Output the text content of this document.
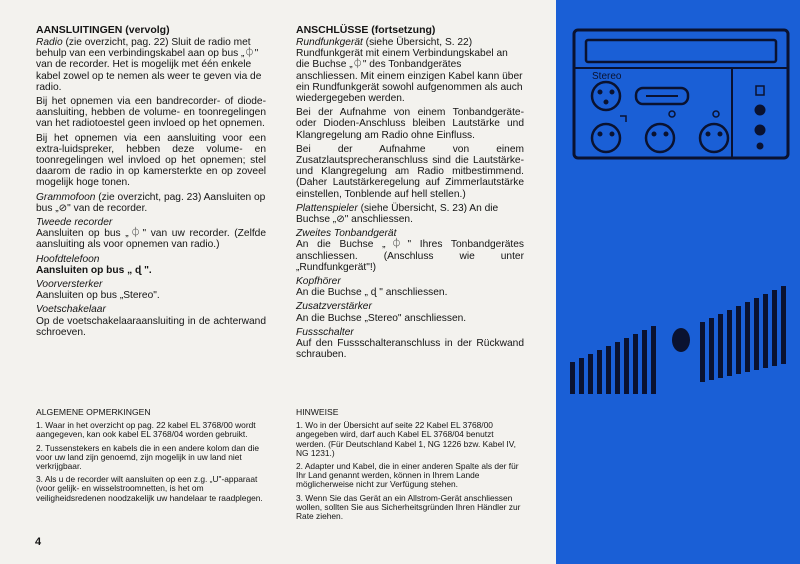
AANSLUITINGEN (vervolg)
Radio (zie overzicht, pag. 22) Sluit de radio met behulp van een verbindingskabel aan op bus „⏀" van de recorder. Het is mogelijk met één enkele kabel zowel op te nemen als weer te geven via de radio.
Bij het opnemen via een bandrecorder- of diode-aansluiting, hebben de volume- en toonregelingen van het radiotoestel geen invloed op het opnemen.
Bij het opnemen via een aansluiting voor een extra-luidspreker, hebben deze volume- en toonregelingen wel invloed op het opnemen; stel daarom de radio in op kamersterkte en op zoveel mogelijk hoge tonen.
Grammofoon (zie overzicht, pag. 23) Aansluiten op bus „⊘" van de recorder.
Tweede recorder
Aansluiten op bus „⏀" van uw recorder. (Zelfde aansluiting als voor opnemen van radio.)
Hoofdtelefoon
Aansluiten op bus „ ɖ ".
Voorversterker
Aansluiten op bus „Stereo".
Voetschakelaar
Op de voetschakelaaraansluiting in de achterwand schroeven.
ANSCHLÜSSE (fortsetzung)
Rundfunkgerät (siehe Übersicht, S. 22) Rundfunkgerät mit einem Verbindungskabel an die Buchse „⏀" des Tonbandgerätes anschliessen. Mit einem einzigen Kabel kann über ein Rundfunkgerät sowohl aufgenommen als auch wiedergegeben werden.
Bei der Aufnahme von einem Tonbandgeräte- oder Dioden-Anschluss bleiben Lautstärke und Klangregelung am Radio ohne Einfluss.
Bei der Aufnahme von einem Zusatzlautsprecheranschluss sind die Lautstärke- und Klangregelung am Radio mitbestimmend. (Daher Lautstärkeregelung auf Zimmerlautstärke einstellen, Tonblende auf hell stellen.)
Plattenspieler (siehe Übersicht, S. 23) An die Buchse „⊘" anschliessen.
Zweites Tonbandgerät
An die Buchse „⏀" Ihres Tonbandgerätes anschliessen. (Anschluss wie unter „Rundfunkgerät"!)
Kopfhörer
An die Buchse „ ɖ " anschliessen.
Zusatzverstärker
An die Buchse „Stereo" anschliessen.
Fussschalter
Auf den Fussschalteranschluss in der Rückwand schrauben.
ALGEMENE OPMERKINGEN

1. Waar in het overzicht op pag. 22 kabel EL 3768/00 wordt aangegeven, kan ook kabel EL 3768/04 worden gebruikt.

2. Tussenstekers en kabels die in een andere kolom dan die voor uw land zijn genoemd, zijn mogelijk in uw land niet verkrijgbaar.

3. Als u de recorder wilt aansluiten op een z.g. „U"-apparaat (voor gelijk- en wisselstroomnetten, is het om veiligheidsredenen noodzakelijk uw handelaar te raadplegen.

HINWEISE

1. Wo in der Übersicht auf seite 22 Kabel EL 3768/00 angegeben wird, darf auch Kabel EL 3768/04 benutzt werden. (Für Deutschland Kabel 1, NG 1226 bzw. Kabel IV, NG 1231.)

2. Adapter und Kabel, die in einer anderen Spalte als der für Ihr Land genannt werden, können in Ihrem Lande möglicherweise nicht zur Verfügung stehen.

3. Wenn Sie das Gerät an ein Allstrom-Gerät anschliessen wollen, sollten Sie aus Sicherheitsgründen Ihren Händler zur Rate ziehen.

4
Stereo
